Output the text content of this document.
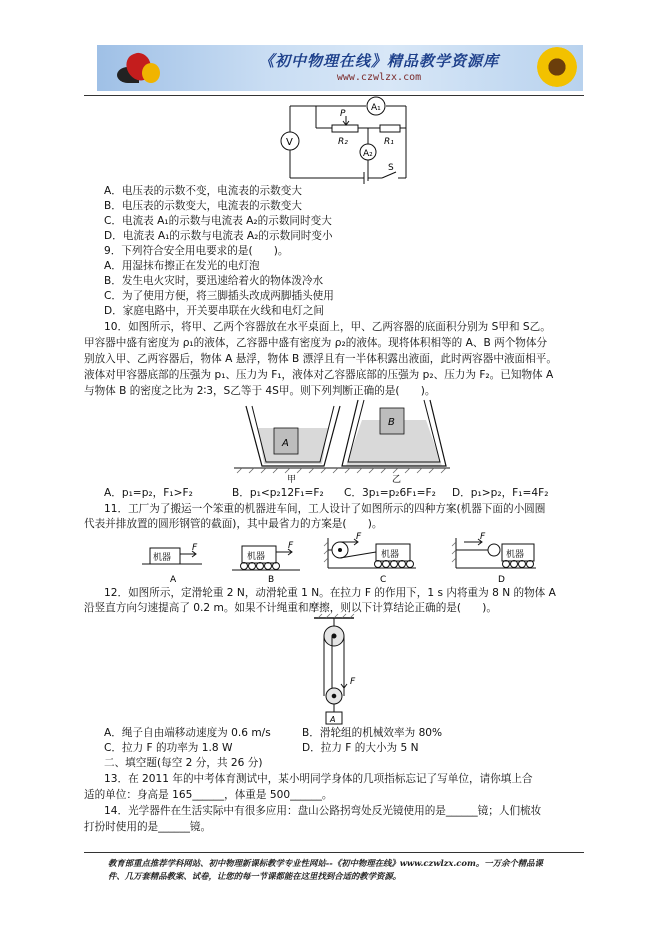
《初中物理在线》精品教学资源库
www.czwlzx.com
A₁
V
P
R₂	R₁
A₂
S
A．电压表的示数不变，电流表的示数变大
B．电压表的示数变大，电流表的示数变大
C．电流表 A₁的示数与电流表 A₂的示数同时变大
D．电流表 A₁的示数与电流表 A₂的示数同时变小
9．下列符合安全用电要求的是(　　)。
A．用湿抹布擦正在发光的电灯泡
B．发生电火灾时，要迅速给着火的物体泼冷水
C．为了使用方便，将三脚插头改成两脚插头使用
D．家庭电路中，开关要串联在火线和电灯之间
10．如图所示，将甲、乙两个容器放在水平桌面上，甲、乙两容器的底面积分别为 S甲和 S乙。
甲容器中盛有密度为 ρ₁的液体，乙容器中盛有密度为 ρ₂的液体。现将体积相等的 A、B 两个物体分
别放入甲、乙两容器后，物体 A 悬浮，物体 B 漂浮且有一半体积露出液面，此时两容器中液面相平。
液体对甲容器底部的压强为 p₁、压力为 F₁，液体对乙容器底部的压强为 p₂、压力为 F₂。已知物体 A
与物体 B 的密度之比为 2∶3，S乙等于 4S甲。则下列判断正确的是(　　)。
A
B
甲	乙
A．p₁=p₂，F₁>F₂	B．p₁<p₂12F₁=F₂ C．3p₁=p₂6F₁=F₂ D．p₁>p₂，F₁=4F₂
11．工厂为了搬运一个笨重的机器进车间，工人设计了如图所示的四种方案(机器下面的小圆圈
代表并排放置的圆形钢管的截面)，其中最省力的方案是(　　)。
机器	机器	机器	机器
F	F
F	F
A	B	C	D
12．如图所示，定滑轮重 2 N，动滑轮重 1 N。在拉力 F 的作用下，1 s 内将重为 8 N 的物体 A
沿竖直方向匀速提高了 0.2 m。如果不计绳重和摩擦，则以下计算结论正确的是(　　)。
F
A
A．绳子自由端移动速度为 0.6 m/s	B．滑轮组的机械效率为 80%
C．拉力 F 的功率为 1.8 W	D．拉力 F 的大小为 5 N
二、填空题(每空 2 分，共 26 分)
13．在 2011 年的中考体育测试中，某小明同学身体的几项指标忘记了写单位，请你填上合
适的单位：身高是 165______，体重是 500______。
14．光学器件在生活实际中有很多应用：盘山公路拐弯处反光镜使用的是______镜；人们梳妆
打扮时使用的是______镜。
教育部重点推荐学科网站、初中物理新课标教学专业性网站--《初中物理在线》www.czwlzx.com。一万余个精品课
件、几万套精品教案、试卷，让您的每一节课都能在这里找到合适的教学资源。
